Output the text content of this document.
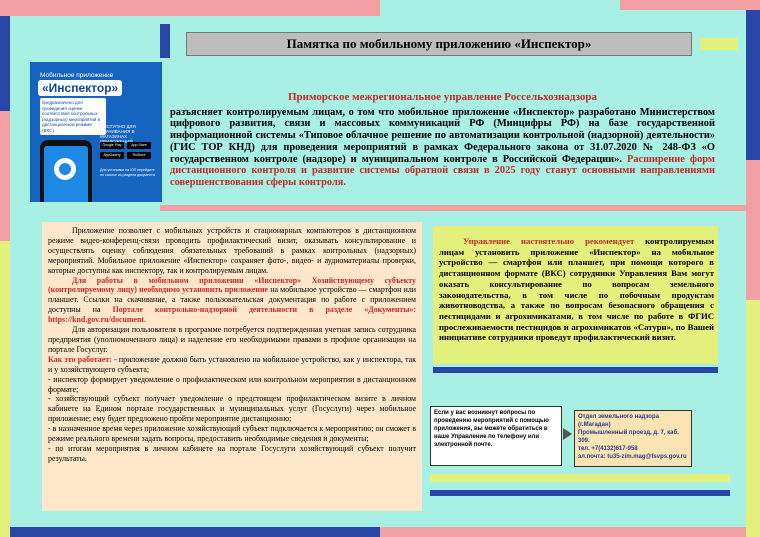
Памятка по мобильному приложению «Инспектор»
Мобильное приложение
«Инспектор»
предназначено для проведения оценки соответствия контрольных (надзорных) мероприятий в дистанционном режиме (ВКС)
ДОСТУПНО ДЛЯ СКАЧИВАНИЯ В МАГАЗИНАХ
Google Play	App Store
AppGallery	RuStore
Для установки на iOS перейдите по ссылке из раздела документы
Приморское межрегиональное управление Россельхознадзора
разъясняет контролируемым лицам, о том что мобильное приложение «Инспектор» разработано Министерством цифрового развития, связи и массовых коммуникаций РФ (Минцифры РФ) на базе государственной информационной системы «Типовое облачное решение по автоматизации контрольной (надзорной) деятельности» (ГИС ТОР КНД) для проведения мероприятий в рамках Федерального закона от 31.07.2020 № 248-ФЗ «О государственном контроле (надзоре) и муниципальном контроле в Российской Федерации». Расширение форм дистанционного контроля и развитие системы обратной связи в 2025 году станут основными направлениями совершенствования сферы контроля.

Приложение позволяет с мобильных устройств и стационарных компьютеров в дистанционном режиме видео-конференц-связи проводить профилактический визит, оказывать консультирование и осуществлять оценку соблюдения обязательных требований в рамках контрольных (надзорных) мероприятий. Мобильное приложение «Инспектор» сохраняет фото-, видео- и аудиоматериалы проверки, которые доступны как инспектору, так и контролируемым лицам.

Для работы в мобильном приложении «Инспектор» Хозяйствующему субъекту (контролируемому лицу) необходимо установить приложение на мобильное устройство — смартфон или планшет. Ссылки на скачивание, а также пользовательская документация по работе с приложением доступны на Портале контрольно-надзорной деятельности в разделе «Документы»: https://knd.gov.ru/document.

Для авторизации пользователя в программе потребуется подтвержденная учетная запись сотрудника предприятия (уполномоченного лица) и наделение его необходимыми правами в профиле организации на портале Госуслуг.

Как это работает: - приложение должно быть установлено на мобильное устройство, как у инспектора, так и у хозяйствующего субъекта;

- инспектор формирует уведомление о профилактическом или контрольном мероприятии в дистанционном формате;

- хозяйствующий субъект получает уведомление о предстоящем профилактическом визите в личном кабинете на Едином портале государственных и муниципальных услуг (Госуслуги) через мобильное приложение; ему будет предложено пройти мероприятие дистанционно;

- в назначенное время через приложение хозяйствующий субъект подключается к мероприятию; он сможет в режиме реального времени задать вопросы, предоставить необходимые сведения и документы;

- по итогам мероприятия в личном кабинете на портале Госуслуги хозяйствующий субъект получит результаты.

Управление настоятельно рекомендует контролируемым лицам установить приложение «Инспектор» на мобильное устройство — смартфон или планшет, при помощи которого в дистанционном формате (ВКС) сотрудники Управления Вам могут оказать консультирование по вопросам земельного законодательства, в том числе по побочным продуктам животноводства, а также по вопросам безопасного обращения с пестицидами и агрохимикатами, в том числе по работе в ФГИС прослеживаемости пестицидов и агрохимикатов «Сатурн», по Вашей инициативе сотрудники проведут профилактический визит.
Если у вас возникнут вопросы по проведению мероприятий с помощью приложения, вы можете обратиться в наше Управление по телефону или электронной почте.
Отдел земельного надзора (г.Магадан)
Промышленный проезд, д. 7, каб. 309.
тел. +7(4132)617-958
эл.почта: tu35-zim.mag@fsvps.gov.ru
